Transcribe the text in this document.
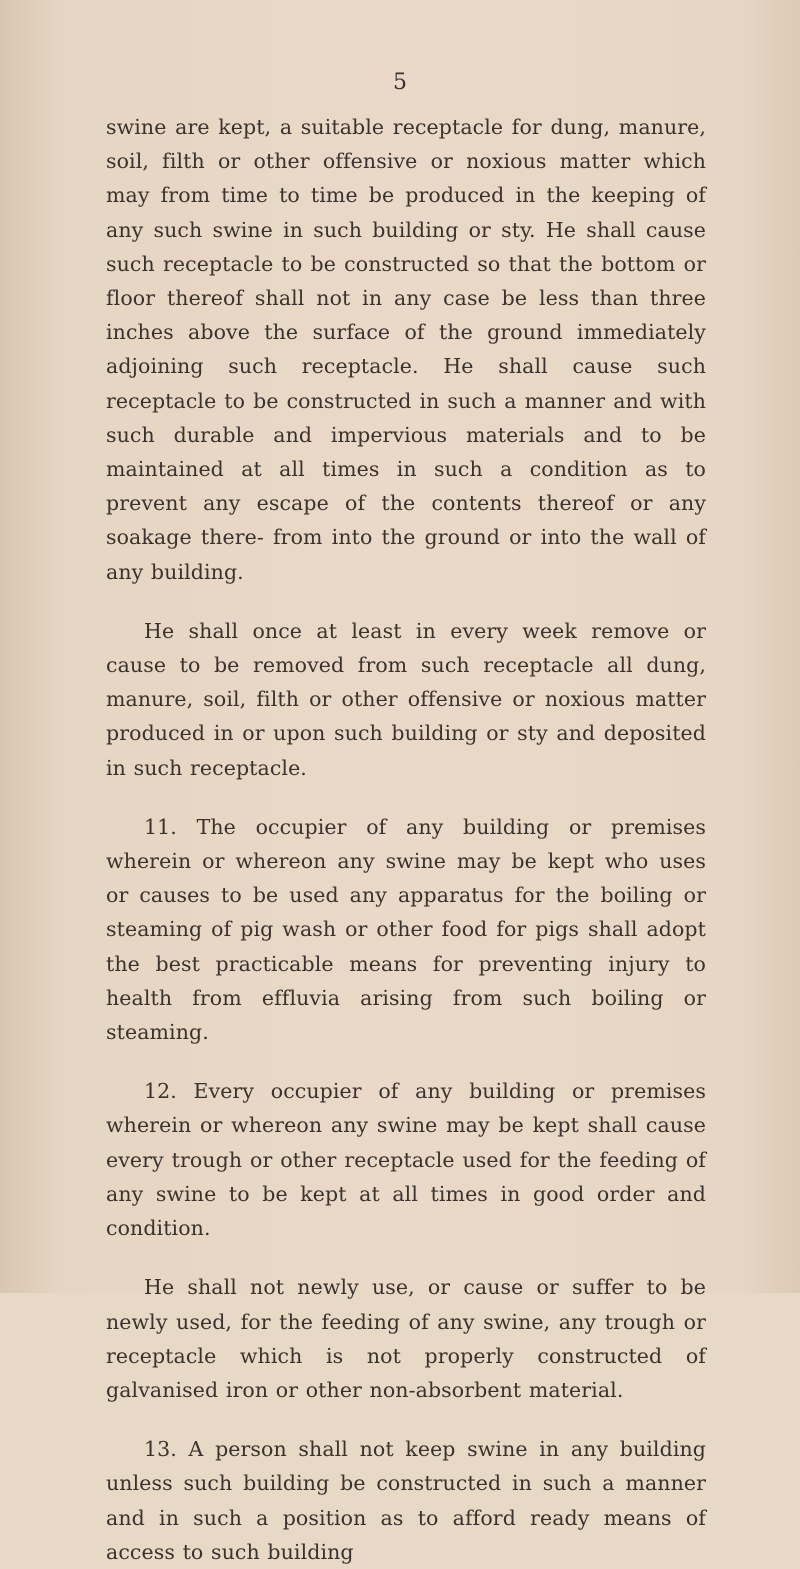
5

swine are kept, a suitable receptacle for dung, manure, soil, filth or other offensive or noxious matter which may from time to time be produced in the keeping of any such swine in such building or sty. He shall cause such receptacle to be constructed so that the bottom or floor thereof shall not in any case be less than three inches above the surface of the ground immediately adjoining such receptacle. He shall cause such receptacle to be constructed in such a manner and with such durable and impervious materials and to be maintained at all times in such a condition as to prevent any escape of the contents thereof or any soakage there- from into the ground or into the wall of any building.

He shall once at least in every week remove or cause to be removed from such receptacle all dung, manure, soil, filth or other offensive or noxious matter produced in or upon such building or sty and deposited in such receptacle.

11. The occupier of any building or premises wherein or whereon any swine may be kept who uses or causes to be used any apparatus for the boiling or steaming of pig wash or other food for pigs shall adopt the best practicable means for preventing injury to health from effluvia arising from such boiling or steaming.

12. Every occupier of any building or premises wherein or whereon any swine may be kept shall cause every trough or other receptacle used for the feeding of any swine to be kept at all times in good order and condition.

He shall not newly use, or cause or suffer to be newly used, for the feeding of any swine, any trough or receptacle which is not properly constructed of galvanised iron or other non-absorbent material.

13. A person shall not keep swine in any building unless such building be constructed in such a manner and in such a position as to afford ready means of access to such building
